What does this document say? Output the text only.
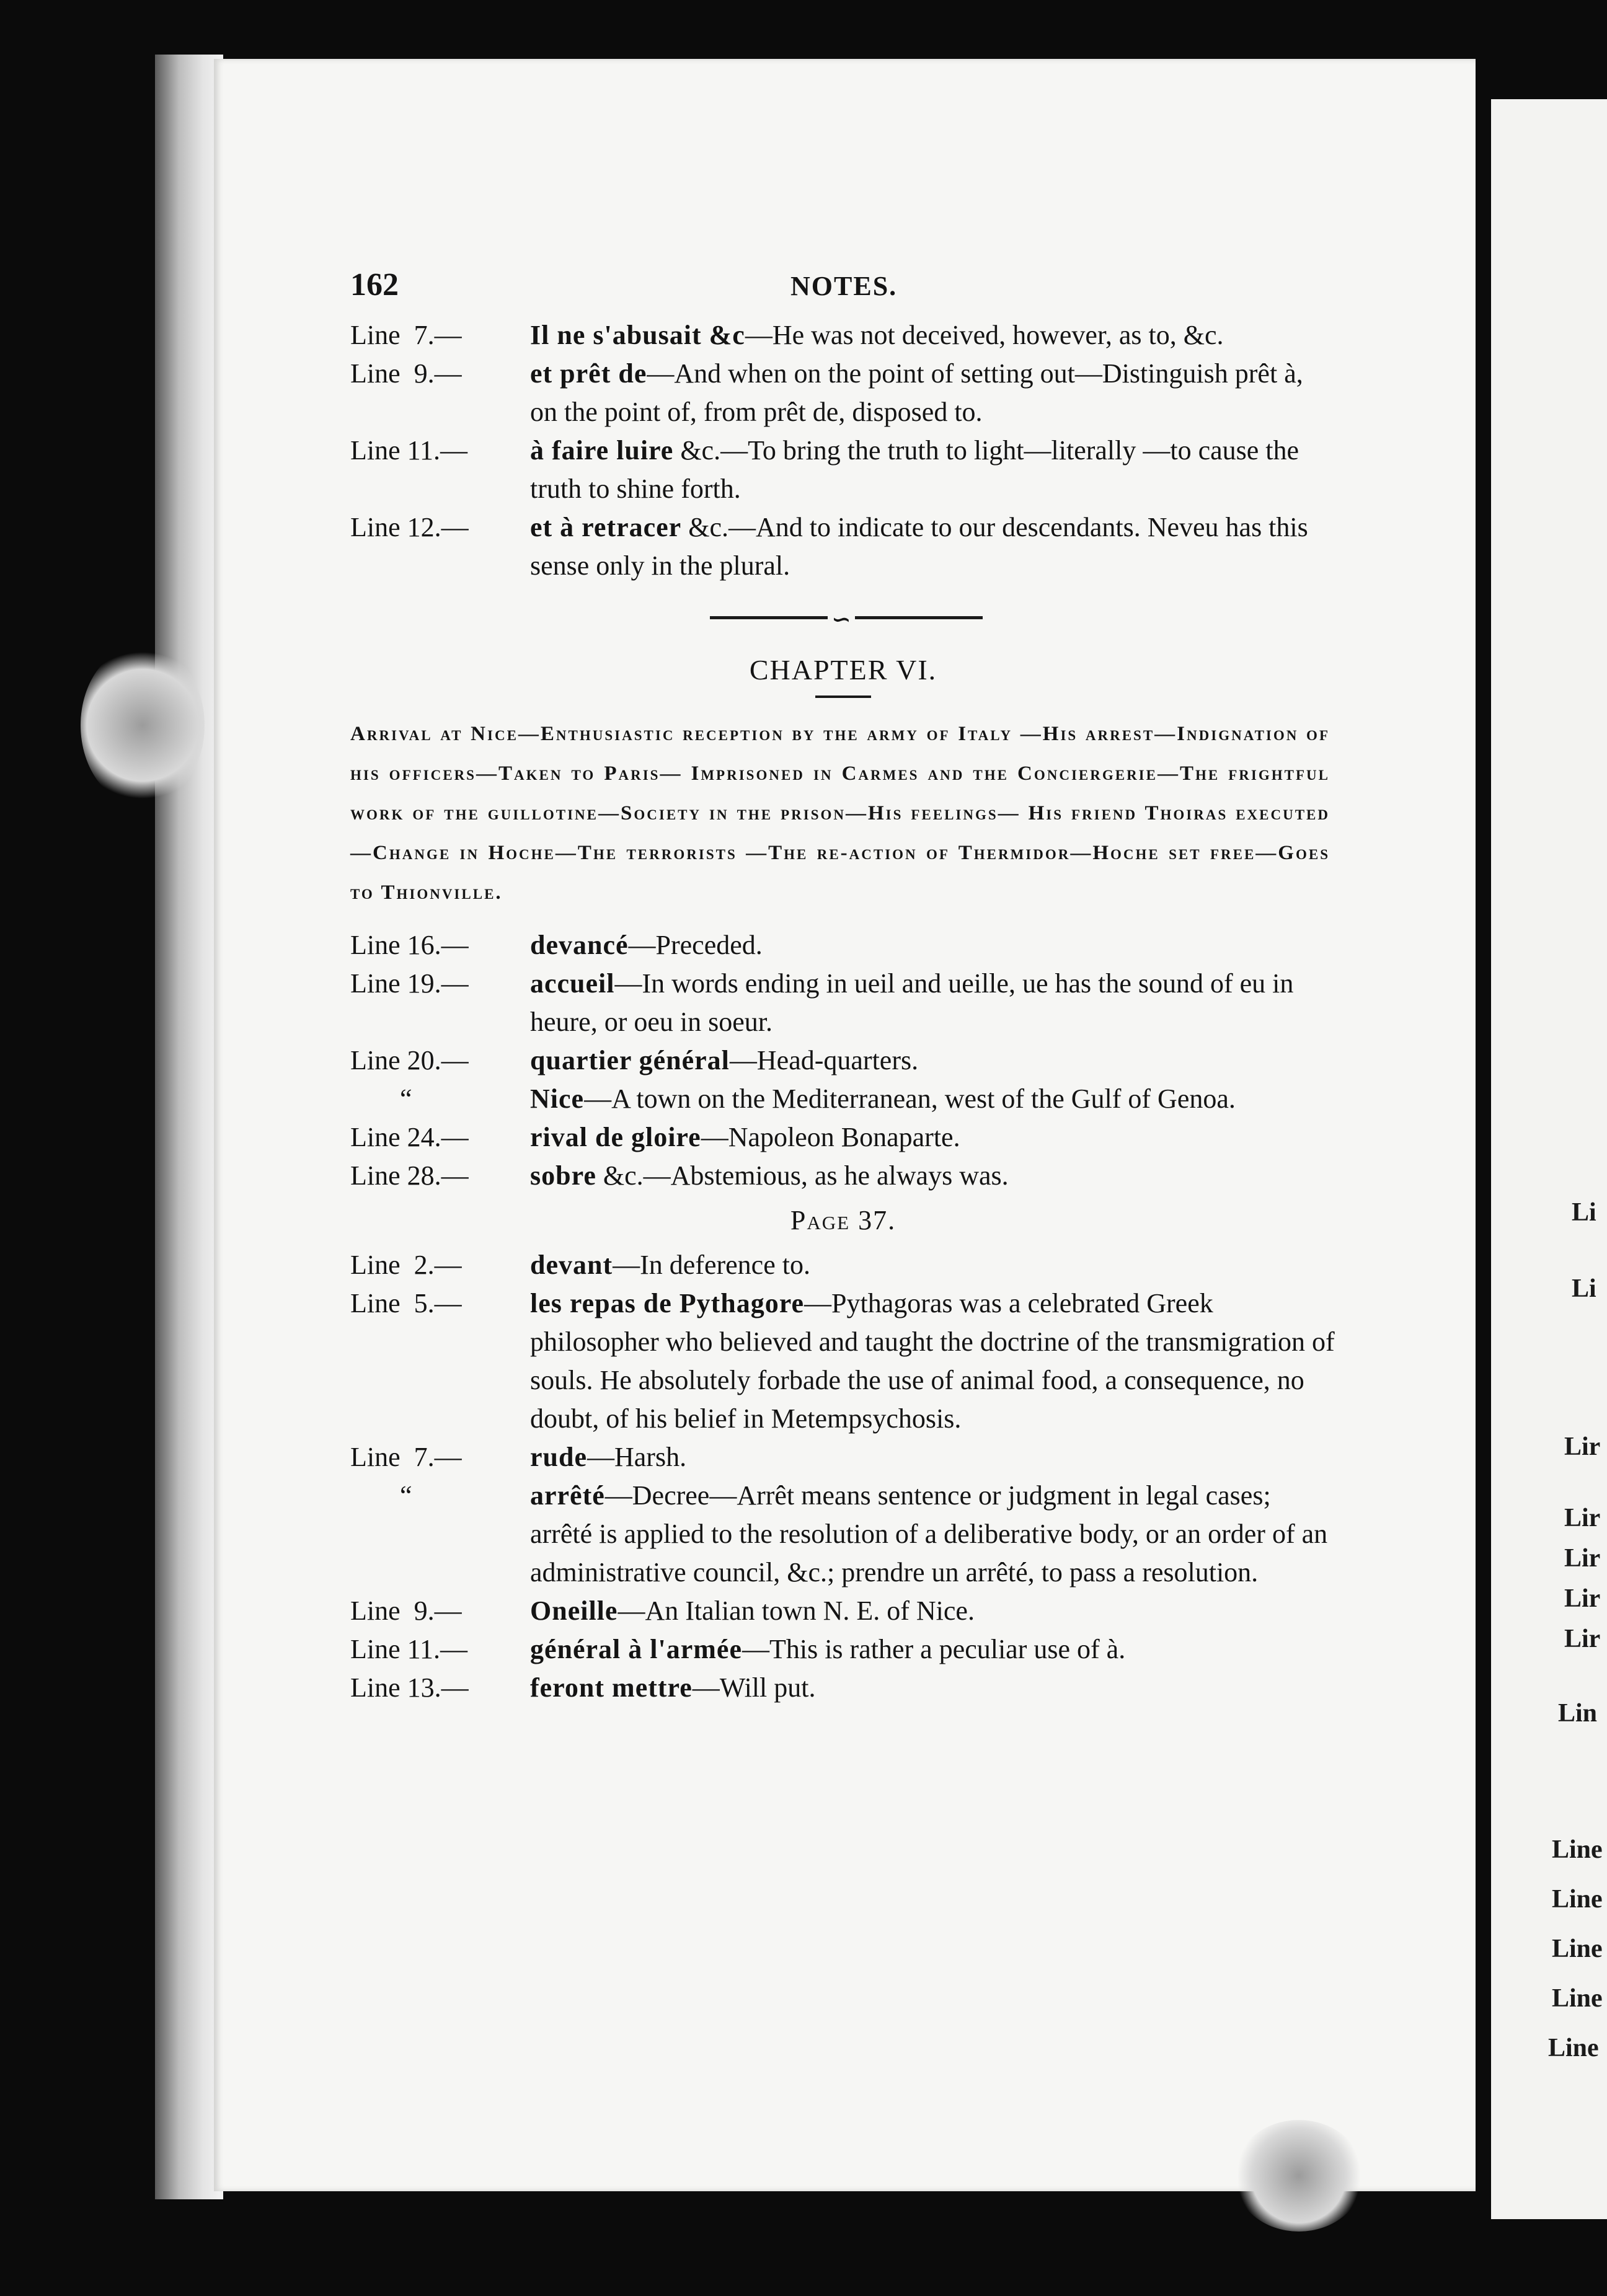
Li
Li
Lir
Lir
Lir
Lir
Lir
Lin
Line
Line
Line
Line
Line
162	NOTES.
Line  7.—	Il ne s'abusait &c—He was not deceived, however, as to, &c.
Line  9.—	et prêt de—And when on the point of setting out—Distinguish prêt à, on the point of, from prêt de, disposed to.
Line 11.—	à faire luire &c.—To bring the truth to light—literally —to cause the truth to shine forth.
Line 12.—	et à retracer &c.—And to indicate to our descendants. Neveu has this sense only in the plural.
∽
CHAPTER VI.
Arrival at Nice—Enthusiastic reception by the army of Italy —His arrest—Indignation of his officers—Taken to Paris— Imprisoned in Carmes and the Conciergerie—The frightful work of the guillotine—Society in the prison—His feelings— His friend Thoiras executed—Change in Hoche—The terrorists —The re-action of Thermidor—Hoche set free—Goes to Thionville.
Line 16.—	devancé—Preceded.
Line 19.—	accueil—In words ending in ueil and ueille, ue has the sound of eu in heure, or oeu in soeur.
Line 20.—	quartier général—Head-quarters.
“	Nice—A town on the Mediterranean, west of the Gulf of Genoa.
Line 24.—	rival de gloire—Napoleon Bonaparte.
Line 28.—	sobre &c.—Abstemious, as he always was.
Page 37.
Line  2.—	devant—In deference to.
Line  5.—	les repas de Pythagore—Pythagoras was a celebrated Greek philosopher who believed and taught the doctrine of the transmigration of souls. He absolutely forbade the use of animal food, a consequence, no doubt, of his belief in Metempsychosis.
Line  7.—	rude—Harsh.
“	arrêté—Decree—Arrêt means sentence or judgment in legal cases; arrêté is applied to the resolution of a deliberative body, or an order of an administrative council, &c.; prendre un arrêté, to pass a resolution.
Line  9.—	Oneille—An Italian town N. E. of Nice.
Line 11.—	général à l'armée—This is rather a peculiar use of à.
Line 13.—	feront mettre—Will put.
